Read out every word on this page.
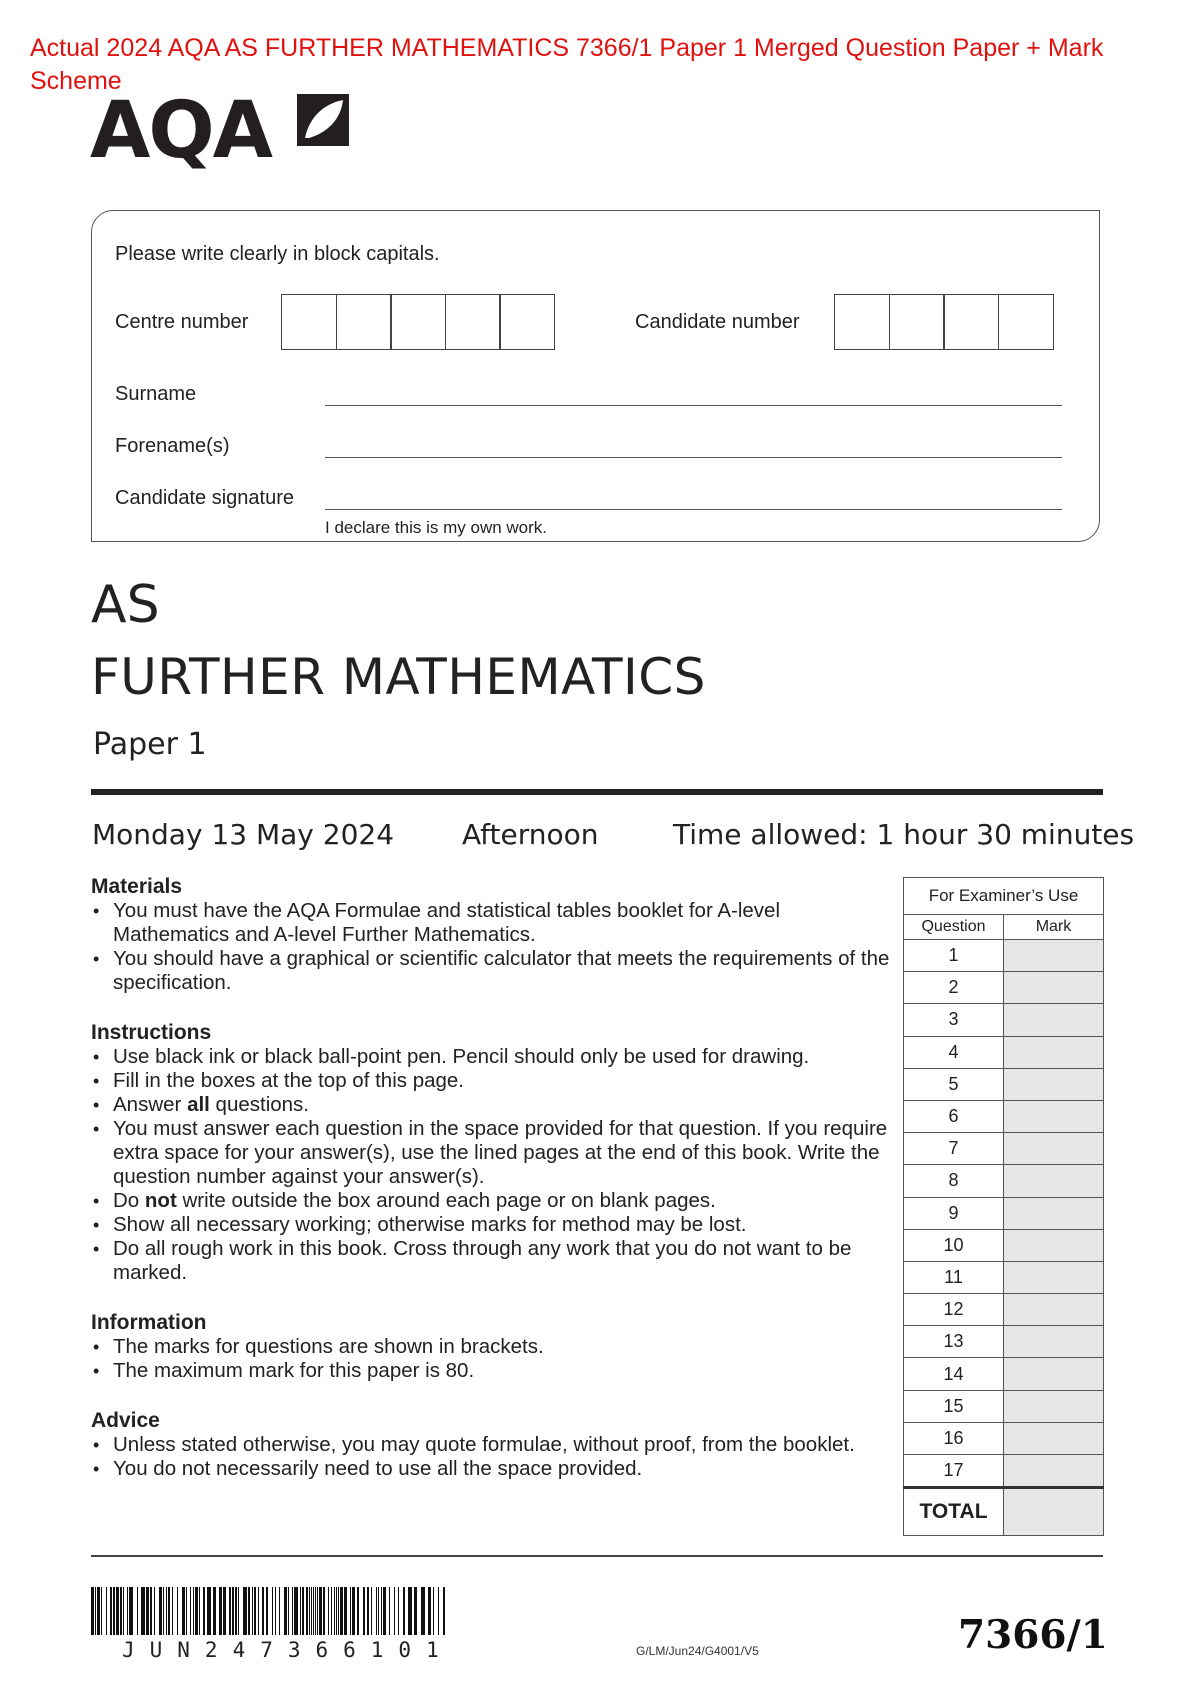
Actual 2024 AQA AS FURTHER MATHEMATICS 7366/1 Paper 1 Merged Question Paper + Mark Scheme
AQA
Please write clearly in block capitals.
Centre number	Candidate number
Surname
Forename(s)
Candidate signature
I declare this is my own work.
AS
FURTHER MATHEMATICS
Paper 1
Monday 13 May 2024 Afternoon	Time allowed: 1 hour 30 minutes
Materials
• You must have the AQA Formulae and statistical tables booklet for A-level Mathematics and A-level Further Mathematics.
• You should have a graphical or scientific calculator that meets the requirements of the specification.
Instructions
• Use black ink or black ball-point pen. Pencil should only be used for drawing.
• Fill in the boxes at the top of this page.
• Answer all questions.
• You must answer each question in the space provided for that question. If you require extra space for your answer(s), use the lined pages at the end of this book. Write the question number against your answer(s).
• Do not write outside the box around each page or on blank pages.
• Show all necessary working; otherwise marks for method may be lost.
• Do all rough work in this book. Cross through any work that you do not want to be marked.
Information
• The marks for questions are shown in brackets.
• The maximum mark for this paper is 80.
Advice
• Unless stated otherwise, you may quote formulae, without proof, from the booklet.
• You do not necessarily need to use all the space provided.
For Examiner’s Use	
Question	Mark
1	
2	
3	
4	
5	
6	
7	
8	
9	
10	
11	
12	
13	
14	
15	
16	
17	
TOTAL	
JUN247366101	G/LM/Jun24/G4001/V5	7366/1
